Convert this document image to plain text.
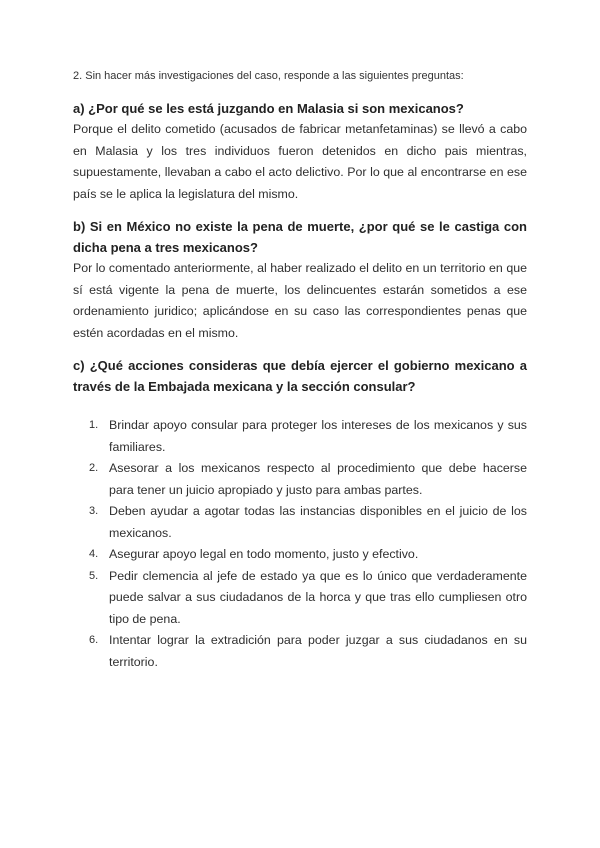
2. Sin hacer más investigaciones del caso, responde a las siguientes preguntas:

a) ¿Por qué se les está juzgando en Malasia si son mexicanos?

Porque el delito cometido (acusados de fabricar metanfetaminas) se llevó a cabo en Malasia y los tres individuos fueron detenidos en dicho pais mientras, supuestamente, llevaban a cabo el acto delictivo. Por lo que al encontrarse en ese país se le aplica la legislatura del mismo.

b) Si en México no existe la pena de muerte, ¿por qué se le castiga con dicha pena a tres mexicanos?

Por lo comentado anteriormente, al haber realizado el delito en un territorio en que sí está vigente la pena de muerte, los delincuentes estarán sometidos a ese ordenamiento juridico; aplicándose en su caso las correspondientes penas que estén acordadas en el mismo.

c) ¿Qué acciones consideras que debía ejercer el gobierno mexicano a través de la Embajada mexicana y la sección consular?

1. Brindar apoyo consular para proteger los intereses de los mexicanos y sus familiares.
2. Asesorar a los mexicanos respecto al procedimiento que debe hacerse para tener un juicio apropiado y justo para ambas partes.
3. Deben ayudar a agotar todas las instancias disponibles en el juicio de los mexicanos.
4. Asegurar apoyo legal en todo momento, justo y efectivo.
5. Pedir clemencia al jefe de estado ya que es lo único que verdaderamente puede salvar a sus ciudadanos de la horca y que tras ello cumpliesen otro tipo de pena.
6. Intentar lograr la extradición para poder juzgar a sus ciudadanos en su territorio.
